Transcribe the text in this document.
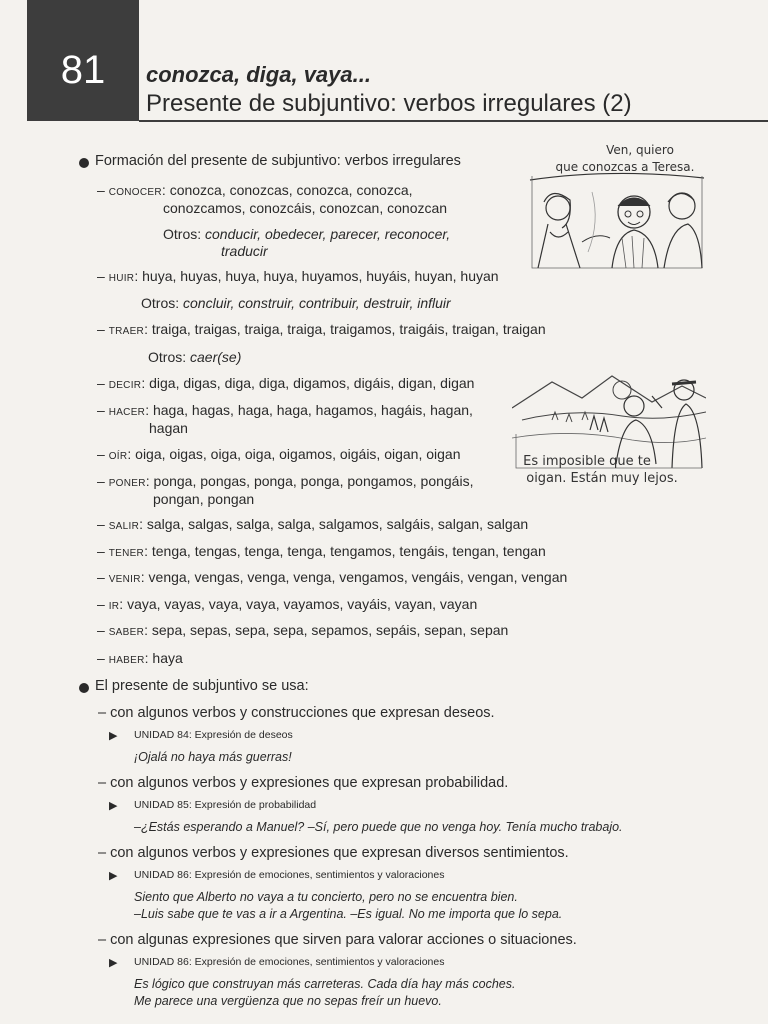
81	conozca, diga, vaya...
Presente de subjuntivo: verbos irregulares (2)
Formación del presente de subjuntivo: verbos irregulares
– CONOCER: conozca, conozcas, conozca, conozca,
conozcamos, conozcáis, conozcan, conozcan
Otros: conducir, obedecer, parecer, reconocer,
traducir
– HUIR: huya, huyas, huya, huya, huyamos, huyáis, huyan, huyan
Otros: concluir, construir, contribuir, destruir, influir
– TRAER: traiga, traigas, traiga, traiga, traigamos, traigáis, traigan, traigan
Otros: caer(se)
– DECIR: diga, digas, diga, diga, digamos, digáis, digan, digan
– HACER: haga, hagas, haga, haga, hagamos, hagáis, hagan,
hagan
– OÍR: oiga, oigas, oiga, oiga, oigamos, oigáis, oigan, oigan
– PONER: ponga, pongas, ponga, ponga, pongamos, pongáis,
pongan, pongan
– SALIR: salga, salgas, salga, salga, salgamos, salgáis, salgan, salgan
– TENER: tenga, tengas, tenga, tenga, tengamos, tengáis, tengan, tengan
– VENIR: venga, vengas, venga, venga, vengamos, vengáis, vengan, vengan
– IR: vaya, vayas, vaya, vaya, vayamos, vayáis, vayan, vayan
– SABER: sepa, sepas, sepa, sepa, sepamos, sepáis, sepan, sepan
– HABER: haya
El presente de subjuntivo se usa:
– con algunos verbos y construcciones que expresan deseos.
▶ UNIDAD 84: Expresión de deseos
¡Ojalá no haya más guerras!
– con algunos verbos y expresiones que expresan probabilidad.
▶ UNIDAD 85: Expresión de probabilidad
–¿Estás esperando a Manuel? –Sí, pero puede que no venga hoy. Tenía mucho trabajo.
– con algunos verbos y expresiones que expresan diversos sentimientos.
▶ UNIDAD 86: Expresión de emociones, sentimientos y valoraciones
Siento que Alberto no vaya a tu concierto, pero no se encuentra bien.
–Luis sabe que te vas a ir a Argentina. –Es igual. No me importa que lo sepa.
– con algunas expresiones que sirven para valorar acciones o situaciones.
▶ UNIDAD 86: Expresión de emociones, sentimientos y valoraciones
Es lógico que construyan más carreteras. Cada día hay más coches.
Me parece una vergüenza que no sepas freír un huevo.
Ven, quiero
que conozcas a Teresa.
Es imposible que te
oigan. Están muy lejos.
